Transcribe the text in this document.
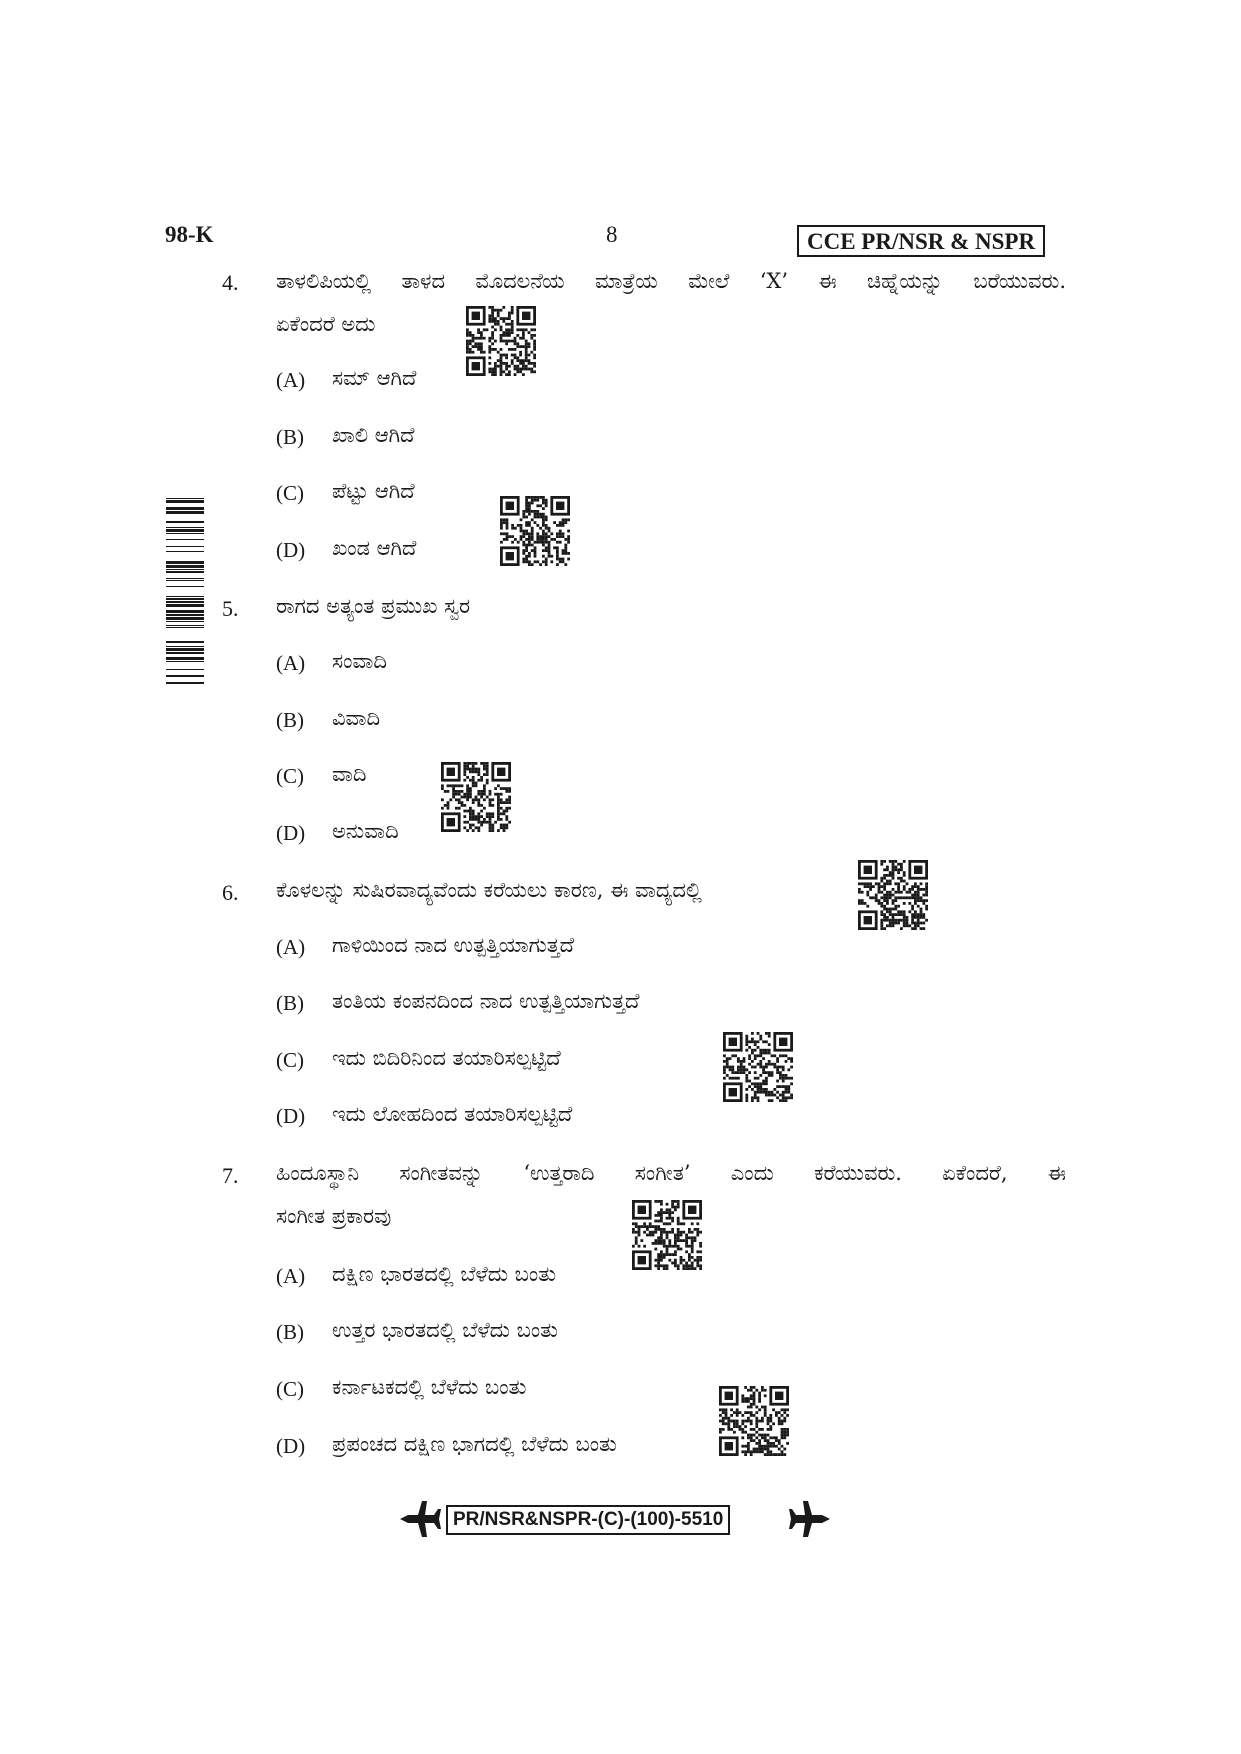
98-K	8	CCE PR/NSR & NSPR
4. ತಾಳಲಿಪಿಯಲ್ಲಿ ತಾಳದ ಮೊದಲನೆಯ ಮಾತ್ರೆಯ ಮೇಲೆ ‘X’ ಈ ಚಿಹ್ನೆಯನ್ನು ಬರೆಯುವರು.
ಏಕೆಂದರೆ ಅದು
(A) ಸಮ್ ಆಗಿದೆ
(B) ಖಾಲಿ ಆಗಿದೆ
(C) ಪೆಟ್ಟು ಆಗಿದೆ
(D) ಖಂಡ ಆಗಿದೆ
5. ರಾಗದ ಅತ್ಯಂತ ಪ್ರಮುಖ ಸ್ವರ
(A) ಸಂವಾದಿ
(B) ವಿವಾದಿ
(C) ವಾದಿ
(D) ಅನುವಾದಿ
6. ಕೊಳಲನ್ನು ಸುಷಿರವಾದ್ಯವೆಂದು ಕರೆಯಲು ಕಾರಣ, ಈ ವಾದ್ಯದಲ್ಲಿ
(A) ಗಾಳಿಯಿಂದ ನಾದ ಉತ್ಪತ್ತಿಯಾಗುತ್ತದೆ
(B) ತಂತಿಯ ಕಂಪನದಿಂದ ನಾದ ಉತ್ಪತ್ತಿಯಾಗುತ್ತದೆ
(C) ಇದು ಬಿದಿರಿನಿಂದ ತಯಾರಿಸಲ್ಪಟ್ಟಿದೆ
(D) ಇದು ಲೋಹದಿಂದ ತಯಾರಿಸಲ್ಪಟ್ಟಿದೆ
7. ಹಿಂದೂಸ್ಥಾನಿ ಸಂಗೀತವನ್ನು ‘ಉತ್ತರಾದಿ ಸಂಗೀತ’ ಎಂದು ಕರೆಯುವರು. ಏಕೆಂದರೆ, ಈ
ಸಂಗೀತ ಪ್ರಕಾರವು
(A) ದಕ್ಷಿಣ ಭಾರತದಲ್ಲಿ ಬೆಳೆದು ಬಂತು
(B) ಉತ್ತರ ಭಾರತದಲ್ಲಿ ಬೆಳೆದು ಬಂತು
(C) ಕರ್ನಾಟಕದಲ್ಲಿ ಬೆಳೆದು ಬಂತು
(D) ಪ್ರಪಂಚದ ದಕ್ಷಿಣ ಭಾಗದಲ್ಲಿ ಬೆಳೆದು ಬಂತು
PR/NSR&NSPR-(C)-(100)-5510
